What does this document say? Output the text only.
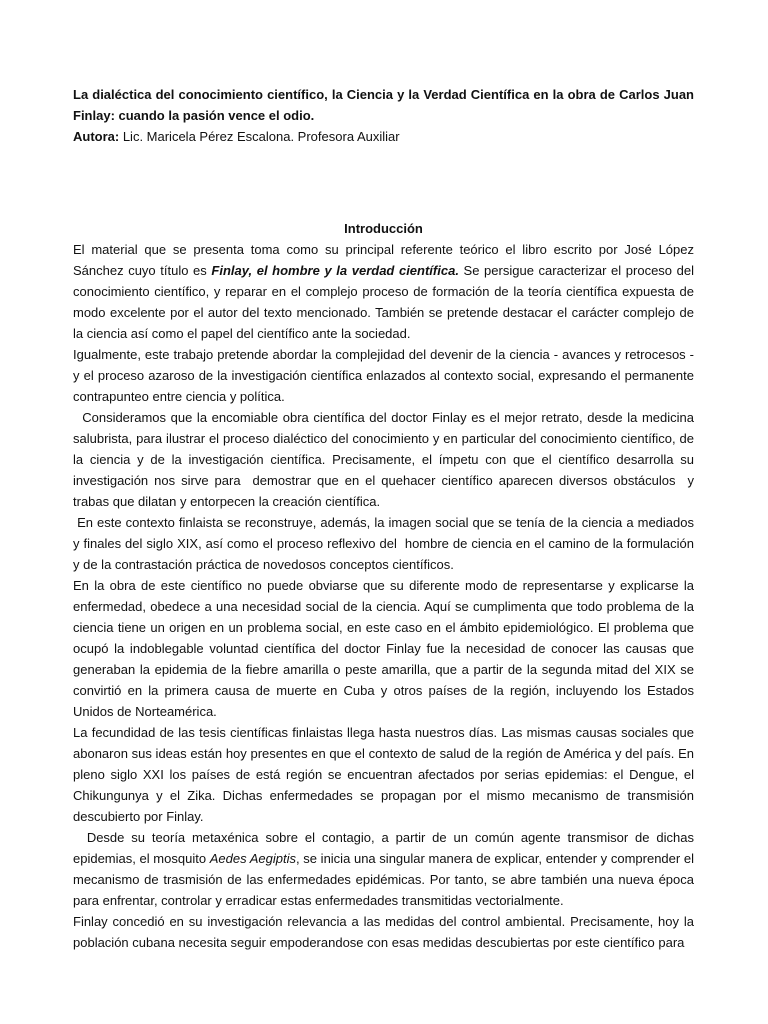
La dialéctica del conocimiento científico, la Ciencia y la Verdad Científica en la obra de Carlos Juan Finlay: cuando la pasión vence el odio.

Autora: Lic. Maricela Pérez Escalona. Profesora Auxiliar

Introducción

El material que se presenta toma como su principal referente teórico el libro escrito por José López Sánchez cuyo título es Finlay, el hombre y la verdad científica. Se persigue caracterizar el proceso del conocimiento científico, y reparar en el complejo proceso de formación de la teoría científica expuesta de modo excelente por el autor del texto mencionado. También se pretende destacar el carácter complejo de la ciencia así como el papel del científico ante la sociedad.

Igualmente, este trabajo pretende abordar la complejidad del devenir de la ciencia - avances y retrocesos - y el proceso azaroso de la investigación científica enlazados al contexto social, expresando el permanente contrapunteo entre ciencia y política.

Consideramos que la encomiable obra científica del doctor Finlay es el mejor retrato, desde la medicina salubrista, para ilustrar el proceso dialéctico del conocimiento y en particular del conocimiento científico, de la ciencia y de la investigación científica. Precisamente, el ímpetu con que el científico desarrolla su investigación nos sirve para  demostrar que en el quehacer científico aparecen diversos obstáculos  y trabas que dilatan y entorpecen la creación científica.

En este contexto finlaista se reconstruye, además, la imagen social que se tenía de la ciencia a mediados y finales del siglo XIX, así como el proceso reflexivo del  hombre de ciencia en el camino de la formulación y de la contrastación práctica de novedosos conceptos científicos.

En la obra de este científico no puede obviarse que su diferente modo de representarse y explicarse la enfermedad, obedece a una necesidad social de la ciencia. Aquí se cumplimenta que todo problema de la ciencia tiene un origen en un problema social, en este caso en el ámbito epidemiológico. El problema que ocupó la indoblegable voluntad científica del doctor Finlay fue la necesidad de conocer las causas que generaban la epidemia de la fiebre amarilla o peste amarilla, que a partir de la segunda mitad del XIX se convirtió en la primera causa de muerte en Cuba y otros países de la región, incluyendo los Estados Unidos de Norteamérica.

La fecundidad de las tesis científicas finlaistas llega hasta nuestros días. Las mismas causas sociales que abonaron sus ideas están hoy presentes en que el contexto de salud de la región de América y del país. En pleno siglo XXI los países de está región se encuentran afectados por serias epidemias: el Dengue, el Chikungunya y el Zika. Dichas enfermedades se propagan por el mismo mecanismo de transmisión descubierto por Finlay.

Desde su teoría metaxénica sobre el contagio, a partir de un común agente transmisor de dichas epidemias, el mosquito Aedes Aegiptis, se inicia una singular manera de explicar, entender y comprender el mecanismo de trasmisión de las enfermedades epidémicas. Por tanto, se abre también una nueva época para enfrentar, controlar y erradicar estas enfermedades transmitidas vectorialmente.

Finlay concedió en su investigación relevancia a las medidas del control ambiental. Precisamente, hoy la población cubana necesita seguir empoderandose con esas medidas descubiertas por este científico para
